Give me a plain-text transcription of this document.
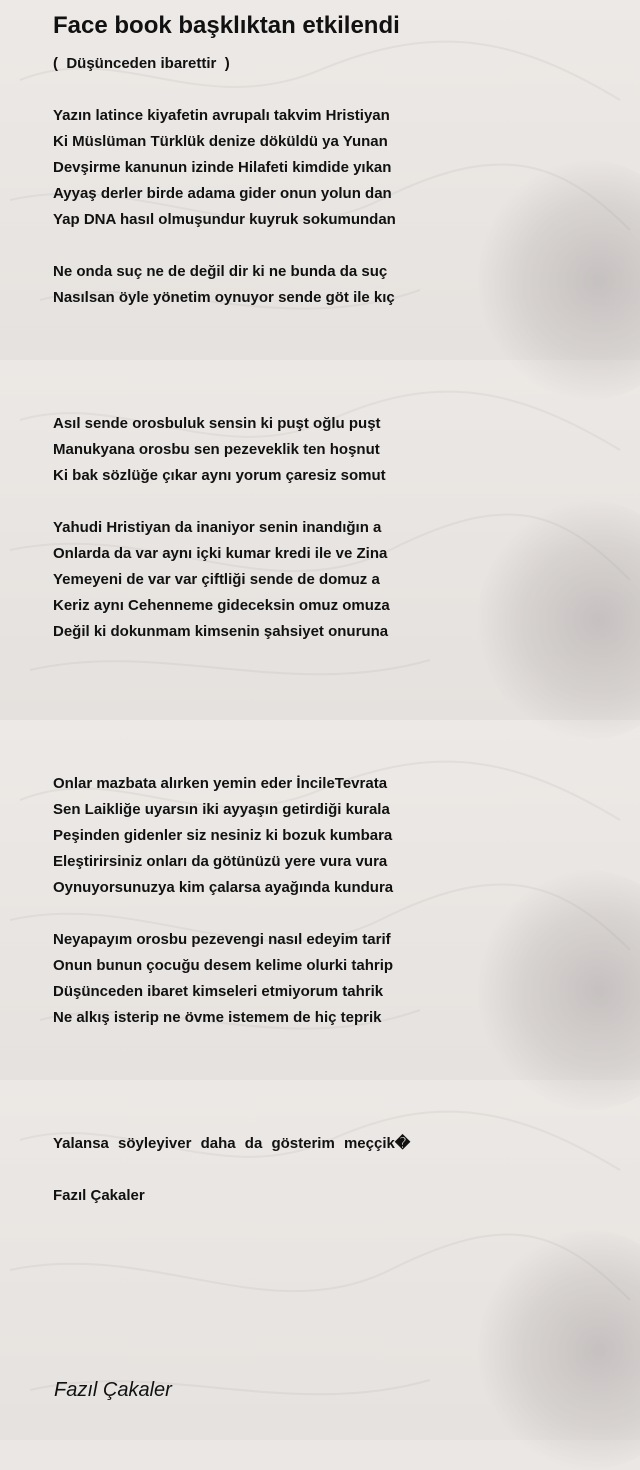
Face book başklıktan etkilendi
(  Düşünceden ibarettir  )
Yazın latince kiyafetin avrupalı takvim Hristiyan
Ki Müslüman Türklük denize döküldü ya Yunan
Devşirme kanunun izinde Hilafeti kimdide yıkan
Ayyaş derler birde adama gider onun yolun dan
Yap DNA hasıl olmuşundur kuyruk sokumundan
Ne onda suç ne de değil dir ki ne bunda da suç
Nasılsan öyle yönetim oynuyor sende göt ile kıç
Asıl sende orosbuluk sensin ki puşt oğlu puşt
Manukyana orosbu sen pezeveklik ten hoşnut
Ki bak sözlüğe çıkar aynı yorum çaresiz somut
Yahudi Hristiyan da inaniyor senin inandığın a
Onlarda da var aynı içki kumar kredi ile ve Zina
Yemeyeni de var var çiftliği sende de domuz a
Keriz aynı Cehenneme gideceksin omuz omuza
Değil ki dokunmam kimsenin şahsiyet onuruna
Onlar mazbata alırken yemin eder İncileTevrata
Sen Laikliğe uyarsın iki ayyaşın getirdiği kurala
Peşinden gidenler siz nesiniz ki bozuk kumbara
Eleştirirsiniz onları da götünüzü yere vura vura
Oynuyorsunuzya kim çalarsa ayağında kundura
Neyapayım orosbu pezevengi nasıl edeyim tarif
Onun bunun çocuğu desem kelime olurki tahrip
Düşünceden ibaret kimseleri etmiyorum tahrik
Ne alkış isterip ne övme istemem de hiç teprik
Yalansa söyleyiver daha da gösterim meççik�
Fazıl Çakaler
Fazıl Çakaler
